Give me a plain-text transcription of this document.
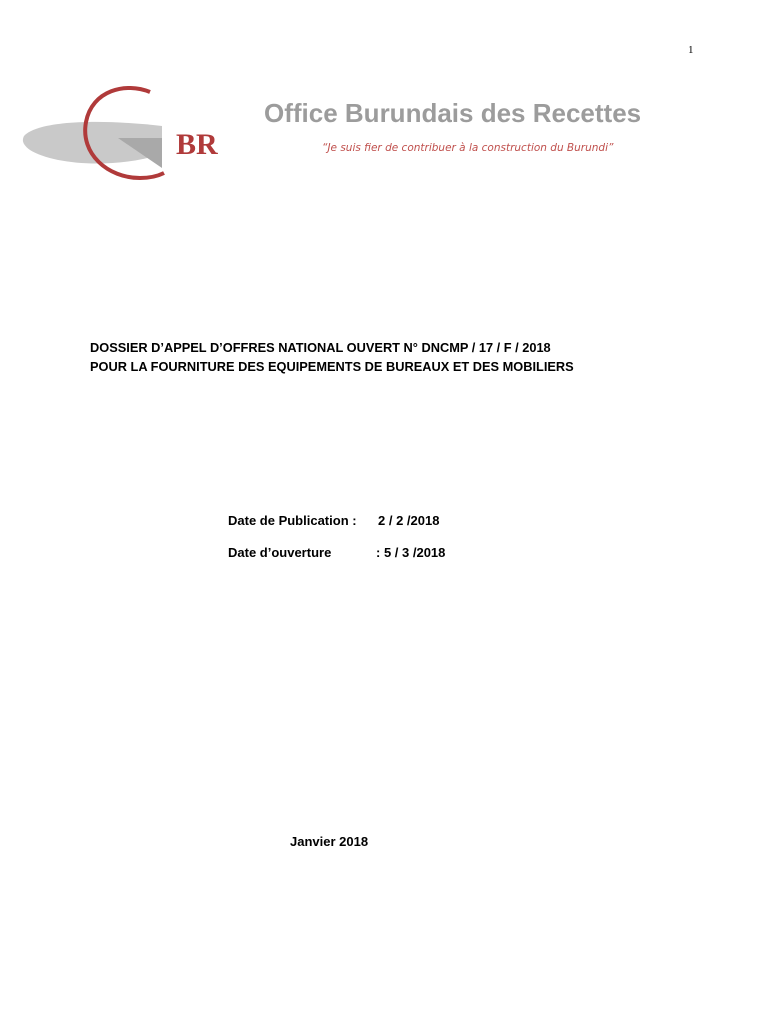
1
BR
Office Burundais des Recettes
“Je suis fier de contribuer à la construction du Burundi”
DOSSIER D’APPEL D’OFFRES NATIONAL OUVERT N° DNCMP / 17 / F / 2018
POUR LA FOURNITURE DES EQUIPEMENTS DE BUREAUX ET DES MOBILIERS
Date de Publication :	2 / 2 /2018
Date d’ouverture	: 5 / 3 /2018
Janvier 2018
